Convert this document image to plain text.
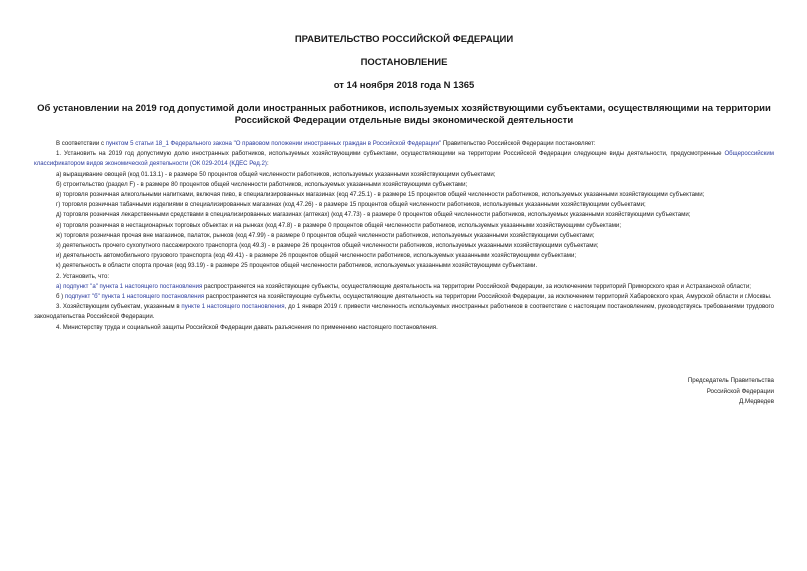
ПРАВИТЕЛЬСТВО РОССИЙСКОЙ ФЕДЕРАЦИИ
ПОСТАНОВЛЕНИЕ
от 14 ноября 2018 года N 1365
Об установлении на 2019 год допустимой доли иностранных работников, используемых хозяйствующими субъектами, осуществляющими на территории Российской Федерации отдельные виды экономической деятельности

В соответствии с пунктом 5 статьи 18_1 Федерального закона "О правовом положении иностранных граждан в Российской Федерации" Правительство Российской Федерации постановляет:

1. Установить на 2019 год допустимую долю иностранных работников, используемых хозяйствующими субъектами, осуществляющими на территории Российской Федерации следующие виды деятельности, предусмотренные Общероссийским классификатором видов экономической деятельности (ОК 029-2014 (КДЕС Ред.2):

а) выращивание овощей (код 01.13.1) - в размере 50 процентов общей численности работников, используемых указанными хозяйствующими субъектами;

б) строительство (раздел F) - в размере 80 процентов общей численности работников, используемых указанными хозяйствующими субъектами;

в) торговля розничная алкогольными напитками, включая пиво, в специализированных магазинах (код 47.25.1) - в размере 15 процентов общей численности работников, используемых указанными хозяйствующими субъектами;

г) торговля розничная табачными изделиями в специализированных магазинах (код 47.26) - в размере 15 процентов общей численности работников, используемых указанными хозяйствующими субъектами;

д) торговля розничная лекарственными средствами в специализированных магазинах (аптеках) (код 47.73) - в размере 0 процентов общей численности работников, используемых указанными хозяйствующими субъектами;

е) торговля розничная в нестационарных торговых объектах и на рынках (код 47.8) - в размере 0 процентов общей численности работников, используемых указанными хозяйствующими субъектами;

ж) торговля розничная прочая вне магазинов, палаток, рынков (код 47.99) - в размере 0 процентов общей численности работников, используемых указанными хозяйствующими субъектами;

з) деятельность прочего сухопутного пассажирского транспорта (код 49.3) - в размере 26 процентов общей численности работников, используемых указанными хозяйствующими субъектами;

и) деятельность автомобильного грузового транспорта (код 49.41) - в размере 26 процентов общей численности работников, используемых указанными хозяйствующими субъектами;

к) деятельность в области спорта прочая (код 93.19) - в размере 25 процентов общей численности работников, используемых указанными хозяйствующими субъектами.

2. Установить, что:

а) подпункт "а" пункта 1 настоящего постановления распространяется на хозяйствующие субъекты, осуществляющие деятельность на территории Российской Федерации, за исключением территорий Приморского края и Астраханской области;

б ) подпункт "б" пункта 1 настоящего постановления распространяется на хозяйствующие субъекты, осуществляющие деятельность на территории Российской Федерации, за исключением территорий Хабаровского края, Амурской области и г.Москвы.

3. Хозяйствующим субъектам, указанным в пункте 1 настоящего постановления, до 1 января 2019 г. привести численность используемых иностранных работников в соответствие с настоящим постановлением, руководствуясь требованиями трудового законодательства Российской Федерации.

4. Министерству труда и социальной защиты Российской Федерации давать разъяснения по применению настоящего постановления.

Председатель Правительства
Российской Федерации
Д.Медведев
